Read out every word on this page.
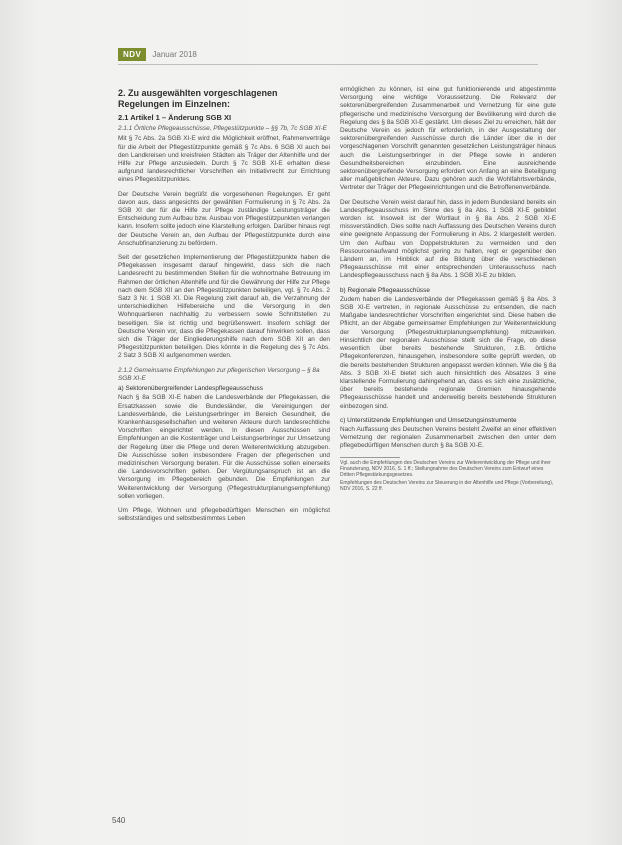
NDV	Januar 2018
2. Zu ausgewählten vorgeschlagenen Regelungen im Einzelnen:
2.1 Artikel 1 – Änderung SGB XI
2.1.1 Örtliche Pflegeausschüsse, Pflegestützpunkte – §§ 7b, 7c SGB XI-E

Mit § 7c Abs. 2a SGB XI-E wird die Möglichkeit eröffnet, Rahmenverträge für die Arbeit der Pflegestützpunkte gemäß § 7c Abs. 6 SGB XI auch bei den Landkreisen und kreisfreien Städten als Träger der Altenhilfe und der Hilfe zur Pflege anzusiedeln. Durch § 7c SGB XI-E erhalten diese aufgrund landesrechtlicher Vorschriften ein Initiativrecht zur Errichtung eines Pflegestützpunktes.

Der Deutsche Verein begrüßt die vorgesehenen Regelungen. Er geht davon aus, dass angesichts der gewählten Formulierung in § 7c Abs. 2a SGB XI der für die Hilfe zur Pflege zuständige Leistungsträger die Entscheidung zum Aufbau bzw. Ausbau von Pflegestützpunkten verlangen kann. Insofern sollte jedoch eine Klarstellung erfolgen. Darüber hinaus regt der Deutsche Verein an, den Aufbau der Pflegestützpunkte durch eine Anschubfinanzierung zu befördern.

Seit der gesetzlichen Implementierung der Pflegestützpunkte haben die Pflegekassen insgesamt darauf hingewirkt, dass sich die nach Landesrecht zu bestimmenden Stellen für die wohnortnahe Betreuung im Rahmen der örtlichen Altenhilfe und für die Gewährung der Hilfe zur Pflege nach dem SGB XII an den Pflegestützpunkten beteiligen, vgl. § 7c Abs. 2 Satz 3 Nr. 1 SGB XI. Die Regelung zielt darauf ab, die Verzahnung der unterschiedlichen Hilfebereiche und die Versorgung in den Wohnquartieren nachhaltig zu verbessern sowie Schnittstellen zu beseitigen. Sie ist richtig und begrüßenswert. Insofern schlägt der Deutsche Verein vor, dass die Pflegekassen darauf hinwirken sollen, dass sich die Träger der Eingliederungshilfe nach dem SGB XII an den Pflegestützpunkten beteiligen. Dies könnte in die Regelung des § 7c Abs. 2 Satz 3 SGB XI aufgenommen werden.

2.1.2 Gemeinsame Empfehlungen zur pflegerischen Versorgung – § 8a SGB XI-E
a) Sektorenübergreifender Landespflegeausschuss

Nach § 8a SGB XI-E haben die Landesverbände der Pflegekassen, die Ersatzkassen sowie die Bundesländer, die Vereinigungen der Landesverbände, die Leistungserbringer im Bereich Gesundheit, die Krankenhausgesellschaften und weiteren Akteure durch landesrechtliche Vorschriften eingerichtet werden. In diesen Ausschüssen sind Empfehlungen an die Kostenträger und Leistungserbringer zur Umsetzung der Regelung über die Pflege und deren Weiterentwicklung abzugeben. Die Ausschüsse sollen insbesondere Fragen der pflegerischen und medizinischen Versorgung beraten. Für die Ausschüsse sollen einerseits die Landesvorschriften gelten. Der Vergütungsanspruch ist an die Versorgung im Pflegebereich gebunden. Die Empfehlungen zur Weiterentwicklung der Versorgung (Pflegestrukturplanungsempfehlung) sollen vorliegen.

Um Pflege, Wohnen und pflegebedürftigen Menschen ein möglichst selbstständiges und selbstbestimmtes Leben

ermöglichen zu können, ist eine gut funktionierende und abgestimmte Versorgung eine wichtige Voraussetzung. Die Relevanz der sektorenübergreifenden Zusammenarbeit und Vernetzung für eine gute pflegerische und medizinische Versorgung der Bevölkerung wird durch die Regelung des § 8a SGB XI-E gestärkt. Um dieses Ziel zu erreichen, hält der Deutsche Verein es jedoch für erforderlich, in der Ausgestaltung der sektorenübergreifenden Ausschüsse durch die Länder über die in der vorgeschlagenen Vorschrift genannten gesetzlichen Leistungsträger hinaus auch die Leistungserbringer in der Pflege sowie in anderen Gesundheitsbereichen einzubinden. Eine ausreichende sektorenübergreifende Versorgung erfordert von Anfang an eine Beteiligung aller maßgeblichen Akteure. Dazu gehören auch die Wohlfahrtsverbände, Vertreter der Träger der Pflegeeinrichtungen und die Betroffenenverbände.

Der Deutsche Verein weist darauf hin, dass in jedem Bundesland bereits ein Landespflegeausschuss im Sinne des § 8a Abs. 1 SGB XI-E gebildet worden ist. Insoweit ist der Wortlaut in § 8a Abs. 2 SGB XI-E missverständlich. Dies sollte nach Auffassung des Deutschen Vereins durch eine geeignete Anpassung der Formulierung in Abs. 2 klargestellt werden. Um den Aufbau von Doppelstrukturen zu vermeiden und den Ressourcenaufwand möglichst gering zu halten, regt er gegenüber den Ländern an, im Hinblick auf die Bildung über die verschiedenen Pflegeausschüsse mit einer entsprechenden Unterausschuss nach Landespflegeausschuss nach § 8a Abs. 1 SGB XI-E zu bilden.

b) Regionale Pflegeausschüsse

Zudem haben die Landesverbände der Pflegekassen gemäß § 8a Abs. 3 SGB XI-E vertreten, in regionale Ausschüsse zu entsenden, die nach Maßgabe landesrechtlicher Vorschriften eingerichtet sind. Diese haben die Pflicht, an der Abgabe gemeinsamer Empfehlungen zur Weiterentwicklung der Versorgung (Pflegestrukturplanungsempfehlung) mitzuwirken. Hinsichtlich der regionalen Ausschüsse stellt sich die Frage, ob diese wesentlich über bereits bestehende Strukturen, z.B. örtliche Pflegekonferenzen, hinausgehen, insbesondere sollte geprüft werden, ob die bereits bestehenden Strukturen angepasst werden können. Wie die § 8a Abs. 3 SGB XI-E bietet sich auch hinsichtlich des Absatzes 3 eine klarstellende Formulierung dahingehend an, dass es sich eine zusätzliche, über bereits bestehende regionale Gremien hinausgehende Pflegeausschüsse handelt und anderweitig bereits bestehende Strukturen einbezogen sind.

c) Unterstützende Empfehlungen und Umsetzungsinstrumente

Nach Auffassung des Deutschen Vereins besteht Zweifel an einer effektiven Vernetzung der regionalen Zusammenarbeit zwischen den unter dem pflegebedürftigen Menschen durch § 8a SGB XI-E.

Vgl. auch die Empfehlungen des Deutschen Vereins zur Weiterentwicklung der Pflege und ihrer Finanzierung, NDV 2016, S. 1 ff.; Stellungnahme des Deutschen Vereins zum Entwurf eines Dritten Pflegestärkungsgesetzes.
Empfehlungen des Deutschen Vereins zur Steuerung in der Altenhilfe und Pflege (Vorbereitung), NDV 2016, S. 22 ff.
540
